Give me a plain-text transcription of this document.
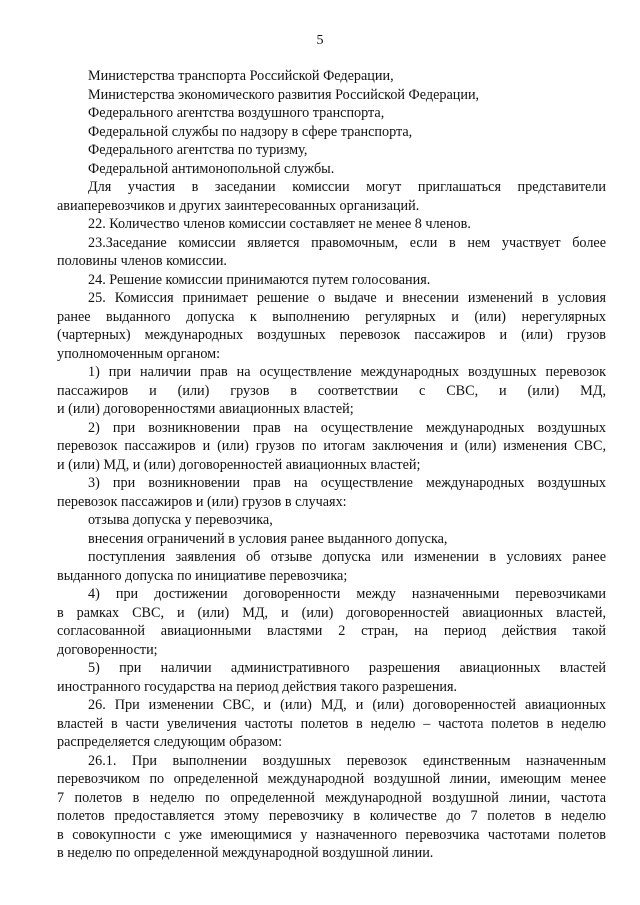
5
Министерства транспорта Российской Федерации,
Министерства экономического развития Российской Федерации,
Федерального агентства воздушного транспорта,
Федеральной службы по надзору в сфере транспорта,
Федерального агентства по туризму,
Федеральной антимонопольной службы.
Для участия в заседании комиссии могут приглашаться представители
авиаперевозчиков и других заинтересованных организаций.
22. Количество членов комиссии составляет не менее 8 членов.
23.Заседание комиссии является правомочным, если в нем участвует более
половины членов комиссии.
24. Решение комиссии принимаются путем голосования.
25. Комиссия принимает решение о выдаче и внесении изменений в условия
ранее выданного допуска к выполнению регулярных и (или) нерегулярных
(чартерных) международных воздушных перевозок пассажиров и (или) грузов
уполномоченным органом:
1) при наличии прав на осуществление международных воздушных перевозок
пассажиров и (или) грузов в соответствии с СВС, и (или) МД,
и (или) договоренностями авиационных властей;
2) при возникновении прав на осуществление международных воздушных
перевозок пассажиров и (или) грузов по итогам заключения и (или) изменения СВС,
и (или) МД, и (или) договоренностей авиационных властей;
3) при возникновении прав на осуществление международных воздушных
перевозок пассажиров и (или) грузов в случаях:
отзыва допуска у перевозчика,
внесения ограничений в условия ранее выданного допуска,
поступления заявления об отзыве допуска или изменении в условиях ранее
выданного допуска по инициативе перевозчика;
4) при достижении договоренности между назначенными перевозчиками
в рамках СВС, и (или) МД, и (или) договоренностей авиационных властей,
согласованной авиационными властями 2 стран, на период действия такой
договоренности;
5) при наличии административного разрешения авиационных властей
иностранного государства на период действия такого разрешения.
26. При изменении СВС, и (или) МД, и (или) договоренностей авиационных
властей в части увеличения частоты полетов в неделю – частота полетов в неделю
распределяется следующим образом:
26.1. При выполнении воздушных перевозок единственным назначенным
перевозчиком по определенной международной воздушной линии, имеющим менее
7 полетов в неделю по определенной международной воздушной линии, частота
полетов предоставляется этому перевозчику в количестве до 7 полетов в неделю
в совокупности с уже имеющимися у назначенного перевозчика частотами полетов
в неделю по определенной международной воздушной линии.
